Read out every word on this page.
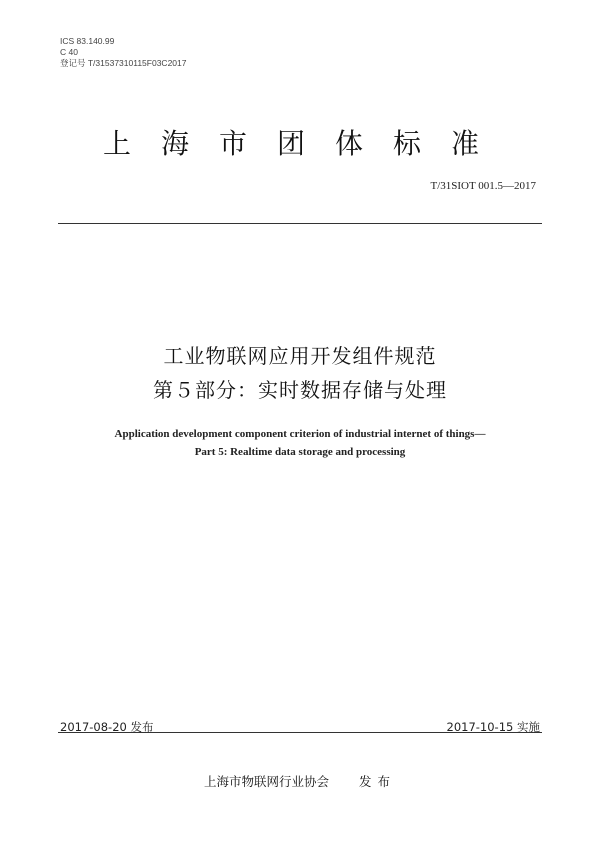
ICS 83.140.99
C 40
登记号 T/31537310115F03C2017
上海市团体标准
T/31SIOT 001.5—2017
工业物联网应用开发组件规范
第５部分：实时数据存储与处理
Application development component criterion of industrial internet of things—
Part 5: Realtime data storage and processing
2017-08-20 发布	2017-10-15 实施
上海市物联网行业协会 发布
